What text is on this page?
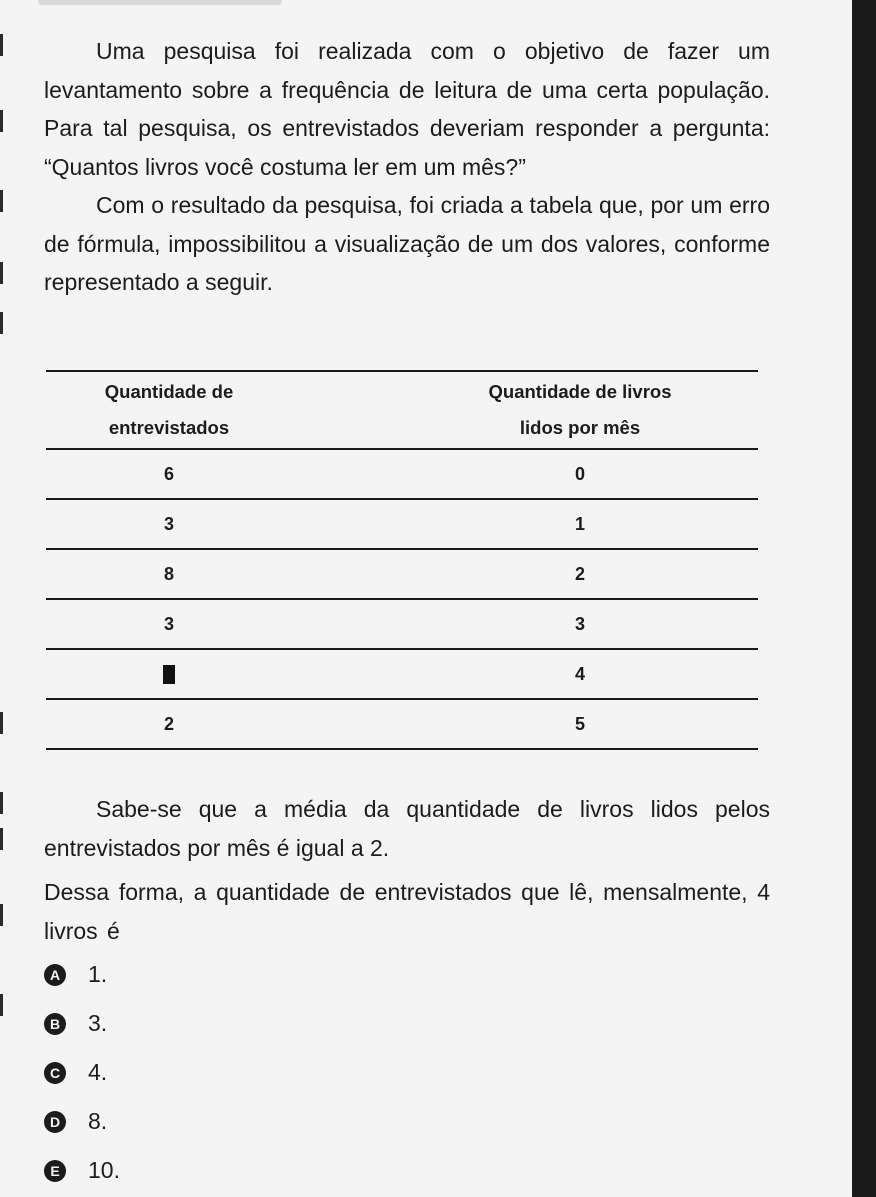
Uma pesquisa foi realizada com o objetivo de fazer um levantamento sobre a frequência de leitura de uma certa população. Para tal pesquisa, os entrevistados deveriam responder a pergunta: “Quantos livros você costuma ler em um mês?”

Com o resultado da pesquisa, foi criada a tabela que, por um erro de fórmula, impossibilitou a visualização de um dos valores, conforme representado a seguir.

Quantidade de
entrevistados	Quantidade de livros
lidos por mês
6	0
3	1
8	2
3	3
	4
2	5

Sabe-se que a média da quantidade de livros lidos pelos entrevistados por mês é igual a 2.

Dessa forma, a quantidade de entrevistados que lê, mensalmente, 4 livros é

A 1.
B 3.
C 4.
D 8.
E 10.
